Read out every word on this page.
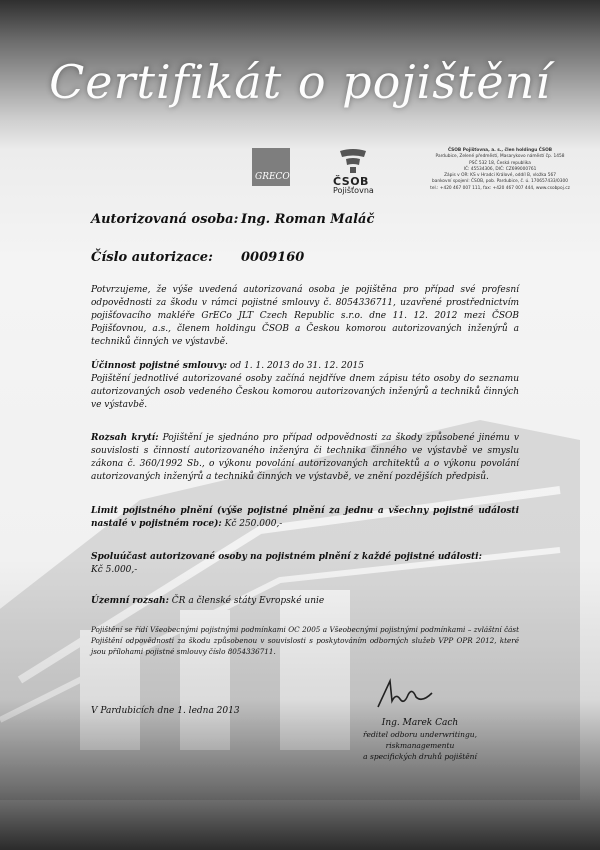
Certifikát o pojištění
GRECO	ČSOB
Pojišťovna
ČSOB Pojišťovna, a. s., člen holdingu ČSOB
Pardubice, Zelené předměstí, Masarykovo náměstí čp. 1458
PSČ 532 18, Česká republika
IČ: 45534306, DIČ: CZ699000761
Zápis v OR: KS v Hradci Králové, oddíl B, vložka 567
bankovní spojení: ČSOB, pob. Pardubice, č. ú. 170657433/0300
tel.: +420 467 007 111, fax: +420 467 007 444, www.csobpoj.cz
Autorizovaná osoba: Ing. Roman Maláč
Číslo autorizace: 0009160
Potvrzujeme, že výše uvedená autorizovaná osoba je pojištěna pro případ své profesní odpovědnosti za škodu v rámci pojistné smlouvy č. 8054336711, uzavřené prostřednictvím pojišťovacího makléře GrECo JLT Czech Republic s.r.o. dne 11. 12. 2012 mezi ČSOB Pojišťovnou, a.s., členem holdingu ČSOB a Českou komorou autorizovaných inženýrů a techniků činných ve výstavbě.
Účinnost pojistné smlouvy: od 1. 1. 2013 do 31. 12. 2015
Pojištění jednotlivé autorizované osoby začíná nejdříve dnem zápisu této osoby do seznamu autorizovaných osob vedeného Českou komorou autorizovaných inženýrů a techniků činných ve výstavbě.
Rozsah krytí: Pojištění je sjednáno pro případ odpovědnosti za škody způsobené jinému v souvislosti s činností autorizovaného inženýra či technika činného ve výstavbě ve smyslu zákona č. 360/1992 Sb., o výkonu povolání autorizovaných architektů a o výkonu povolání autorizovaných inženýrů a techniků činných ve výstavbě, ve znění pozdějších předpisů.
Limit pojistného plnění (výše pojistné plnění za jednu a všechny pojistné události nastalé v pojistném roce): Kč 250.000,-
Spoluúčast autorizované osoby na pojistném plnění z každé pojistné události:
Kč 5.000,-
Územní rozsah: ČR a členské státy Evropské unie
Pojištění se řídí Všeobecnými pojistnými podmínkami OC 2005 a Všeobecnými pojistnými podmínkami – zvláštní část Pojištění odpovědnosti za škodu způsobenou v souvislosti s poskytováním odborných služeb VPP OPR 2012, které jsou přílohami pojistné smlouvy číslo 8054336711.
V Pardubicích dne 1. ledna 2013
Ing. Marek Cach
ředitel odboru underwritingu,
riskmanagementu
a specifických druhů pojištění
